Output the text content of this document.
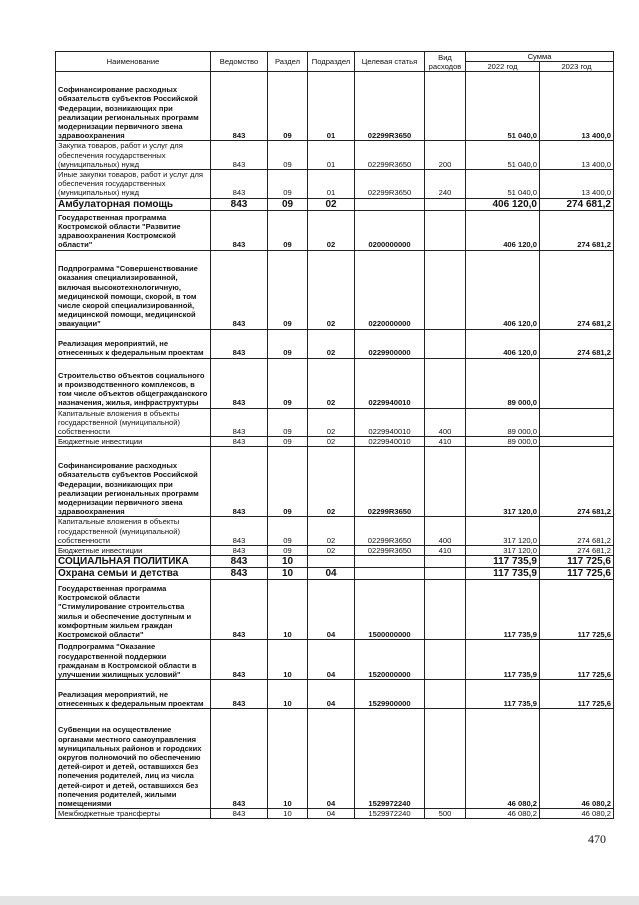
Наименование	Ведомство	Раздел	Подраздел	Целевая статья	Вид расходов	Сумма	
						2022 год	2023 год
Софинансирование расходных обязательств субъектов Российской Федерации, возникающих при реализации региональных программ модернизации первичного звена здравоохранения	843	09	01	02299R3650		51 040,0	13 400,0
Закупка товаров, работ и услуг для обеспечения государственных (муниципальных) нужд	843	09	01	02299R3650	200	51 040,0	13 400,0
Иные закупки товаров, работ и услуг для обеспечения государственных (муниципальных) нужд	843	09	01	02299R3650	240	51 040,0	13 400,0
Амбулаторная помощь	843	09	02			406 120,0	274 681,2
Государственная программа Костромской области "Развитие здравоохранения Костромской области"	843	09	02	0200000000		406 120,0	274 681,2
Подпрограмма "Совершенствование оказания специализированной, включая высокотехнологичную, медицинской помощи, скорой, в том числе скорой специализированной, медицинской помощи, медицинской эвакуации"	843	09	02	0220000000		406 120,0	274 681,2
Реализация мероприятий, не отнесенных к федеральным проектам	843	09	02	0229900000		406 120,0	274 681,2
Строительство объектов социального и производственного комплексов, в том числе объектов общегражданского назначения, жилья, инфраструктуры	843	09	02	0229940010		89 000,0	
Капитальные вложения в объекты государственной (муниципальной) собственности	843	09	02	0229940010	400	89 000,0	
Бюджетные инвестиции	843	09	02	0229940010	410	89 000,0	
Софинансирование расходных обязательств субъектов Российской Федерации, возникающих при реализации региональных программ модернизации первичного звена здравоохранения	843	09	02	02299R3650		317 120,0	274 681,2
Капитальные вложения в объекты государственной (муниципальной) собственности	843	09	02	02299R3650	400	317 120,0	274 681,2
Бюджетные инвестиции	843	09	02	02299R3650	410	317 120,0	274 681,2
СОЦИАЛЬНАЯ ПОЛИТИКА	843	10				117 735,9	117 725,6
Охрана семьи и детства	843	10	04			117 735,9	117 725,6
Государственная программа Костромской области "Стимулирование строительства жилья и обеспечение доступным и комфортным жильем граждан Костромской области"	843	10	04	1500000000		117 735,9	117 725,6
Подпрограмма "Оказание государственной поддержки гражданам в Костромской области в улучшении жилищных условий"	843	10	04	1520000000		117 735,9	117 725,6
Реализация мероприятий, не отнесенных к федеральным проектам	843	10	04	1529900000		117 735,9	117 725,6
Субвенции на осуществление органами местного самоуправления муниципальных районов и городских округов полномочий по обеспечению детей-сирот и детей, оставшихся без попечения родителей, лиц из числа детей-сирот и детей, оставшихся без попечения родителей, жилыми помещениями	843	10	04	1529972240		46 080,2	46 080,2
Межбюджетные трансферты	843	10	04	1529972240	500	46 080,2	46 080,2
470
